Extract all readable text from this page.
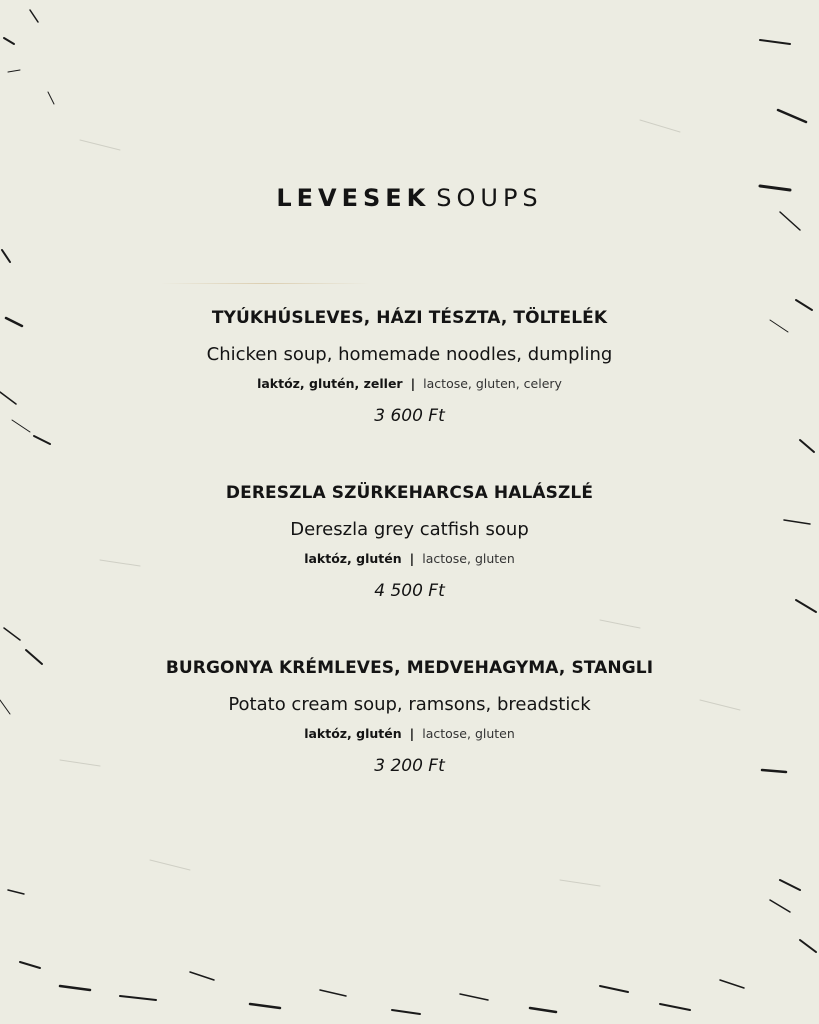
LEVESEK SOUPS
TYÚKHÚSLEVES, HÁZI TÉSZTA, TÖLTELÉK
Chicken soup, homemade noodles, dumpling
laktóz, glutén, zeller | lactose, gluten, celery
3 600 Ft
DERESZLA SZÜRKEHARCSA HALÁSZLÉ
Dereszla grey catfish soup
laktóz, glutén | lactose, gluten
4 500 Ft
BURGONYA KRÉMLEVES, MEDVEHAGYMA, STANGLI
Potato cream soup, ramsons, breadstick
laktóz, glutén | lactose, gluten
3 200 Ft
